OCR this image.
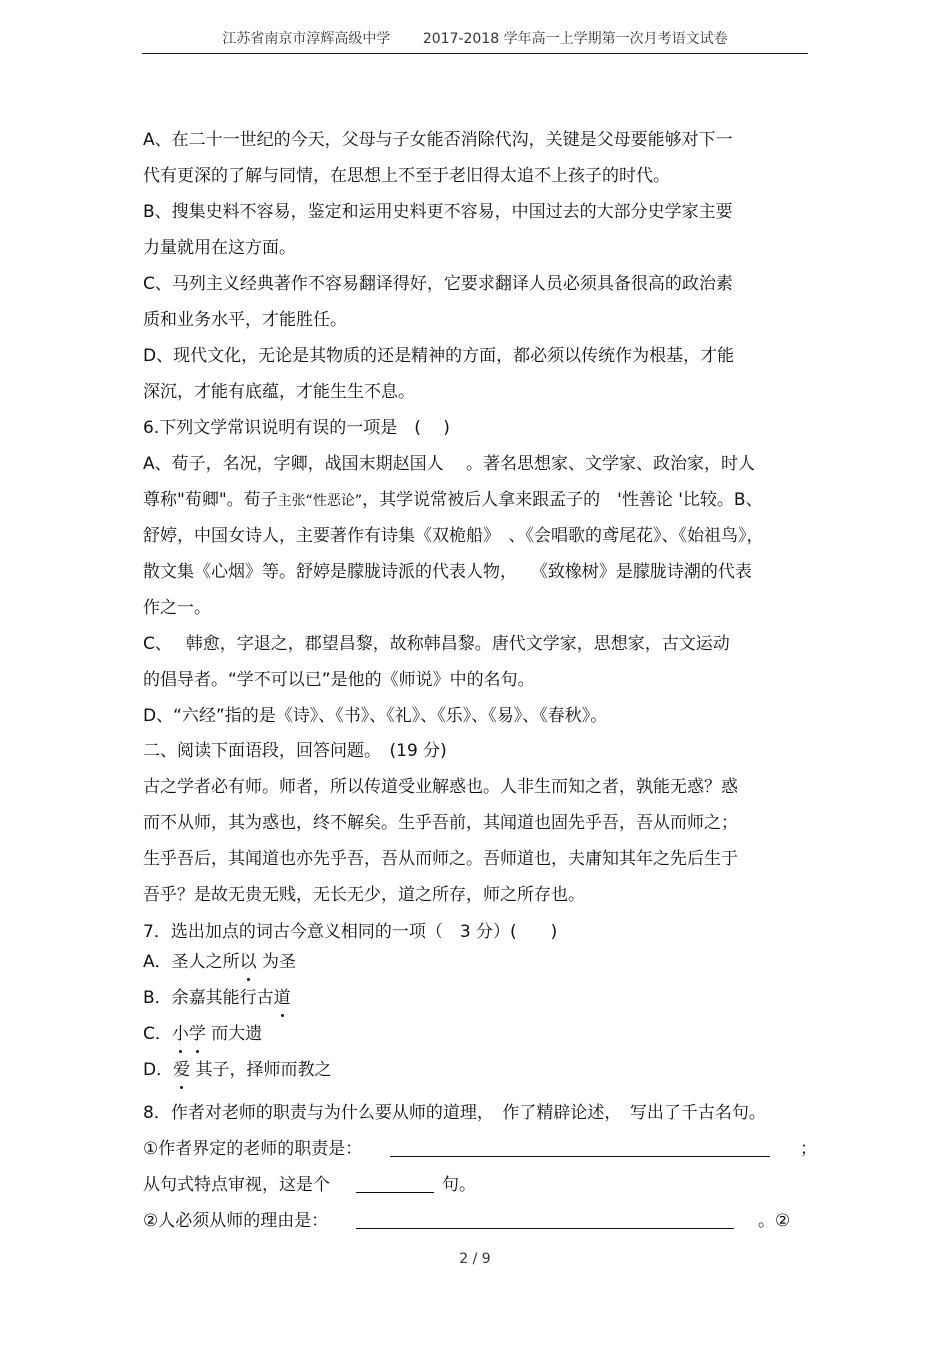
江苏省南京市淳辉高级中学 2017-2018 学年高一上学期第一次月考语文试卷
A、在二十一世纪的今天，父母与子女能否消除代沟，关键是父母要能够对下一
代有更深的了解与同情，在思想上不至于老旧得太追不上孩子的时代。
B、搜集史料不容易，鉴定和运用史料更不容易，中国过去的大部分史学家主要
力量就用在这方面。
C、马列主义经典著作不容易翻译得好，它要求翻译人员必须具备很高的政治素
质和业务水平，才能胜任。
D、现代文化，无论是其物质的还是精神的方面，都必须以传统作为根基，才能
深沉，才能有底蕴，才能生生不息。
6.下列文学常识说明有误的一项是　(　 )
A、荀子，名况，字卿，战国末期赵国人　 。著名思想家、文学家、政治家，时人
尊称"荀卿"。荀子主张“性恶论”，其学说常被后人拿来跟孟子的　'性善论 '比较。B、
舒婷，中国女诗人，主要著作有诗集《双桅船》　、《会唱歌的鸢尾花》、《始祖鸟》，
散文集《心烟》等。舒婷是朦胧诗派的代表人物，　 《致橡树》是朦胧诗潮的代表
作之一。
C、　 韩愈，字退之，郡望昌黎，故称韩昌黎。唐代文学家，思想家，古文运动
的倡导者。“学不可以已”是他的《师说》中的名句。
D、“六经”指的是《诗》、《书》、《礼》、《乐》、《易》、《春秋》。
二、阅读下面语段，回答问题。　(19 分)
古之学者必有师。师者，所以传道受业解惑也。人非生而知之者，孰能无惑？惑
而不从师，其为惑也，终不解矣。生乎吾前，其闻道也固先乎吾，吾从而师之；
生乎吾后，其闻道也亦先乎吾，吾从而师之。吾师道也，夫庸知其年之先后生于
吾乎？是故无贵无贱，无长无少，道之所存，师之所存也。
7．选出加点的词古今意义相同的一项（　3 分）(　　)
A．圣人之所以 为圣
B．余嘉其能行古道
C．小学 而大遗
D．爱 其子，择师而教之
8．作者对老师的职责与为什么要从师的道理，　作了精辟论述，　写出了千古名句。
①作者界定的老师的职责是：	；
从句式特点审视，这是个	句。
②人必须从师的理由是：	。②
2 / 9
